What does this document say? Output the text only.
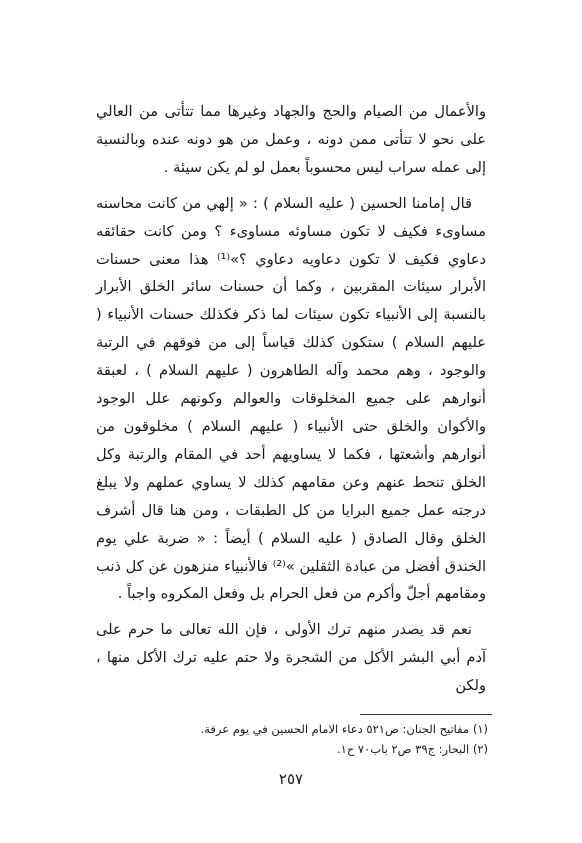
والأعمال من الصيام والحج والجهاد وغيرها مما تتأتى من العالي على نحو لا تتأتى ممن دونه ، وعمل من هو دونه عنده وبالنسبة إلى عمله سراب ليس محسوباً بعمل لو لم يكن سيئة .

قال إمامنا الحسين ( عليه السلام ) : « إلهي من كانت محاسنه مساوىء فكيف لا تكون مساوئه مساوىء ؟ ومن كانت حقائقه دعاوي فكيف لا تكون دعاويه دعاوي ؟»⁽¹⁾ هذا معنى حسنات الأبرار سيئات المقربين ، وكما أن حسنات سائر الخلق الأبرار بالنسبة إلى الأنبياء تكون سيئات لما ذكر فكذلك حسنات الأنبياء ( عليهم السلام ) ستكون كذلك قياساً إلى من فوقهم في الرتبة والوجود ، وهم محمد وآله الطاهرون ( عليهم السلام ) ، لعبقة أنوارهم على جميع المخلوقات والعوالم وكونهم علل الوجود والأكوان والخلق حتى الأنبياء ( عليهم السلام ) مخلوقون من أنوارهم وأشعتها ، فكما لا يساويهم أحد في المقام والرتبة وكل الخلق تنحط عنهم وعن مقامهم كذلك لا يساوي عملهم ولا يبلغ درجته عمل جميع البرايا من كل الطبقات ، ومن هنا قال أشرف الخلق وقال الصادق ( عليه السلام ) أيضاً : « ضربة علي يوم الخندق أفضل من عبادة الثقلين »⁽²⁾ فالأنبياء منزهون عن كل ذنب ومقامهم أجلّ وأكرم من فعل الحرام بل وفعل المكروه واجباً .

نعم قد يصدر منهم ترك الأولى ، فإن الله تعالى ما حرم على آدم أبي البشر الأكل من الشجرة ولا حتم عليه ترك الأكل منها ، ولكن

(١) مفاتيح الجنان: ص٥٢١ دعاء الامام الحسين في يوم عرفة.
(٢) البحار: ج٣٩ ص٢ باب٧٠ ح١.
٢٥٧
